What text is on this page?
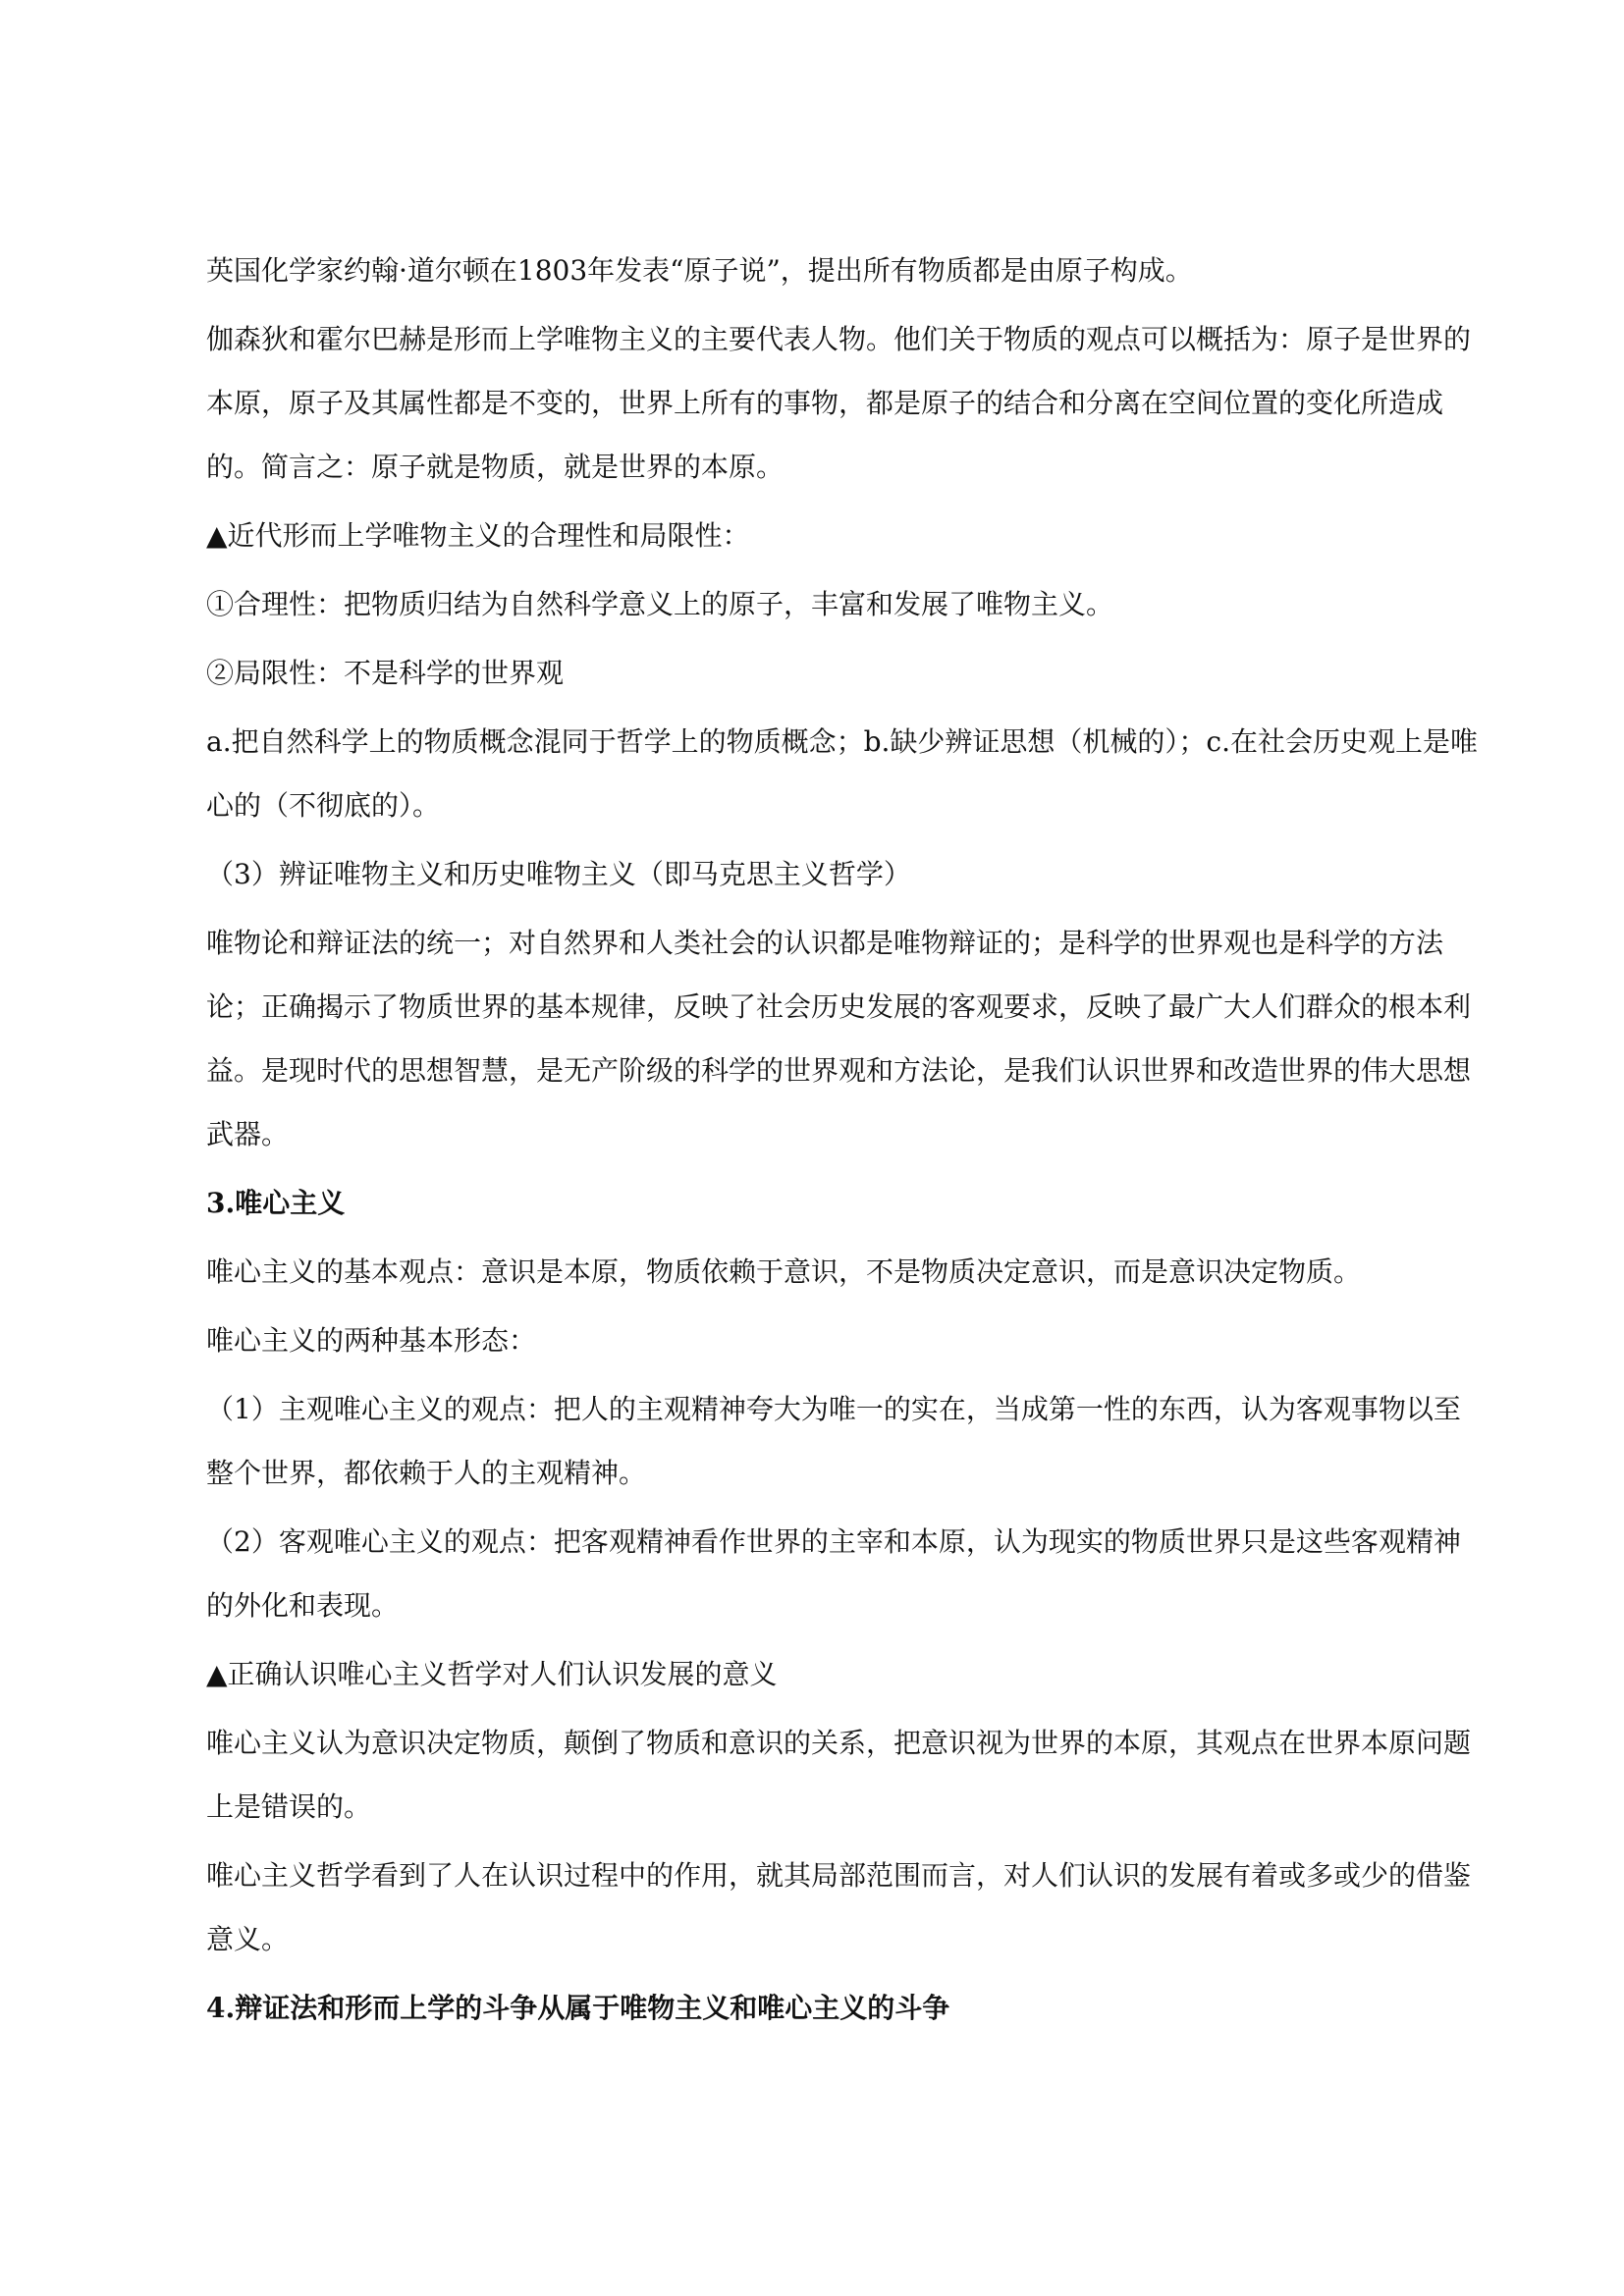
英国化学家约翰·道尔顿在1803年发表“原子说”，提出所有物质都是由原子构成。

伽森狄和霍尔巴赫是形而上学唯物主义的主要代表人物。他们关于物质的观点可以概括为：原子是世界的本原，原子及其属性都是不变的，世界上所有的事物，都是原子的结合和分离在空间位置的变化所造成的。简言之：原子就是物质，就是世界的本原。

▲近代形而上学唯物主义的合理性和局限性：

①合理性：把物质归结为自然科学意义上的原子，丰富和发展了唯物主义。

②局限性：不是科学的世界观

a.把自然科学上的物质概念混同于哲学上的物质概念；b.缺少辨证思想（机械的）；c.在社会历史观上是唯心的（不彻底的）。

（3）辨证唯物主义和历史唯物主义（即马克思主义哲学）

唯物论和辩证法的统一；对自然界和人类社会的认识都是唯物辩证的；是科学的世界观也是科学的方法论；正确揭示了物质世界的基本规律，反映了社会历史发展的客观要求，反映了最广大人们群众的根本利益。是现时代的思想智慧，是无产阶级的科学的世界观和方法论，是我们认识世界和改造世界的伟大思想武器。

3.唯心主义

唯心主义的基本观点：意识是本原，物质依赖于意识，不是物质决定意识，而是意识决定物质。

唯心主义的两种基本形态：

（1）主观唯心主义的观点：把人的主观精神夸大为唯一的实在，当成第一性的东西，认为客观事物以至整个世界，都依赖于人的主观精神。

（2）客观唯心主义的观点：把客观精神看作世界的主宰和本原，认为现实的物质世界只是这些客观精神的外化和表现。

▲正确认识唯心主义哲学对人们认识发展的意义

唯心主义认为意识决定物质，颠倒了物质和意识的关系，把意识视为世界的本原，其观点在世界本原问题上是错误的。

唯心主义哲学看到了人在认识过程中的作用，就其局部范围而言，对人们认识的发展有着或多或少的借鉴意义。

4.辩证法和形而上学的斗争从属于唯物主义和唯心主义的斗争
